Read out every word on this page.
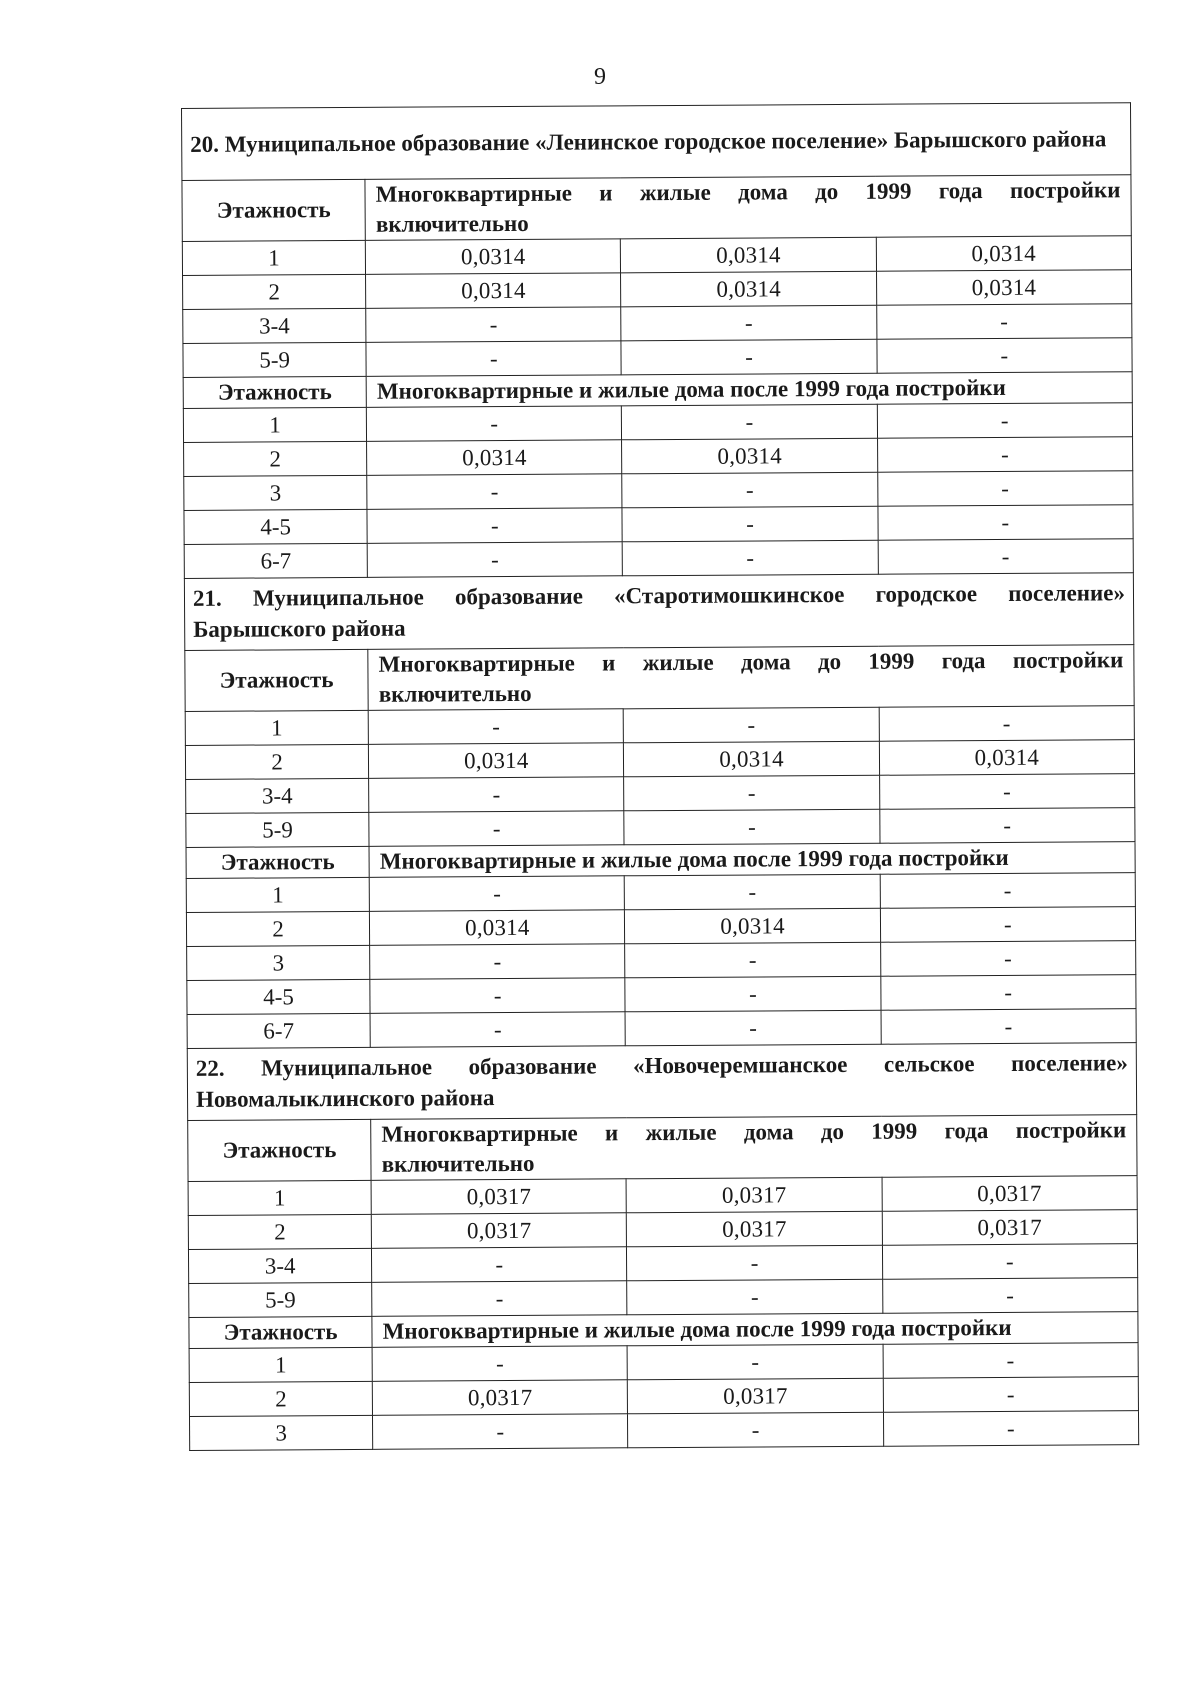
9
20. Муниципальное образование «Ленинское городское поселение» Барышского района			
Этажность	Многоквартирные и жилые дома до 1999 года постройки включительно		
1	0,0314	0,0314	0,0314
2	0,0314	0,0314	0,0314
3-4	-	-	-
5-9	-	-	-
Этажность	Многоквартирные и жилые дома после 1999 года постройки		
1	-	-	-
2	0,0314	0,0314	-
3	-	-	-
4-5	-	-	-
6-7	-	-	-
21. Муниципальное образование «Старотимошкинское городское поселение» Барышского района			
Этажность	Многоквартирные и жилые дома до 1999 года постройки включительно		
1	-	-	-
2	0,0314	0,0314	0,0314
3-4	-	-	-
5-9	-	-	-
Этажность	Многоквартирные и жилые дома после 1999 года постройки		
1	-	-	-
2	0,0314	0,0314	-
3	-	-	-
4-5	-	-	-
6-7	-	-	-
22. Муниципальное образование «Новочеремшанское сельское поселение» Новомалыклинского района			
Этажность	Многоквартирные и жилые дома до 1999 года постройки включительно		
1	0,0317	0,0317	0,0317
2	0,0317	0,0317	0,0317
3-4	-	-	-
5-9	-	-	-
Этажность	Многоквартирные и жилые дома после 1999 года постройки		
1	-	-	-
2	0,0317	0,0317	-
3	-	-	-
